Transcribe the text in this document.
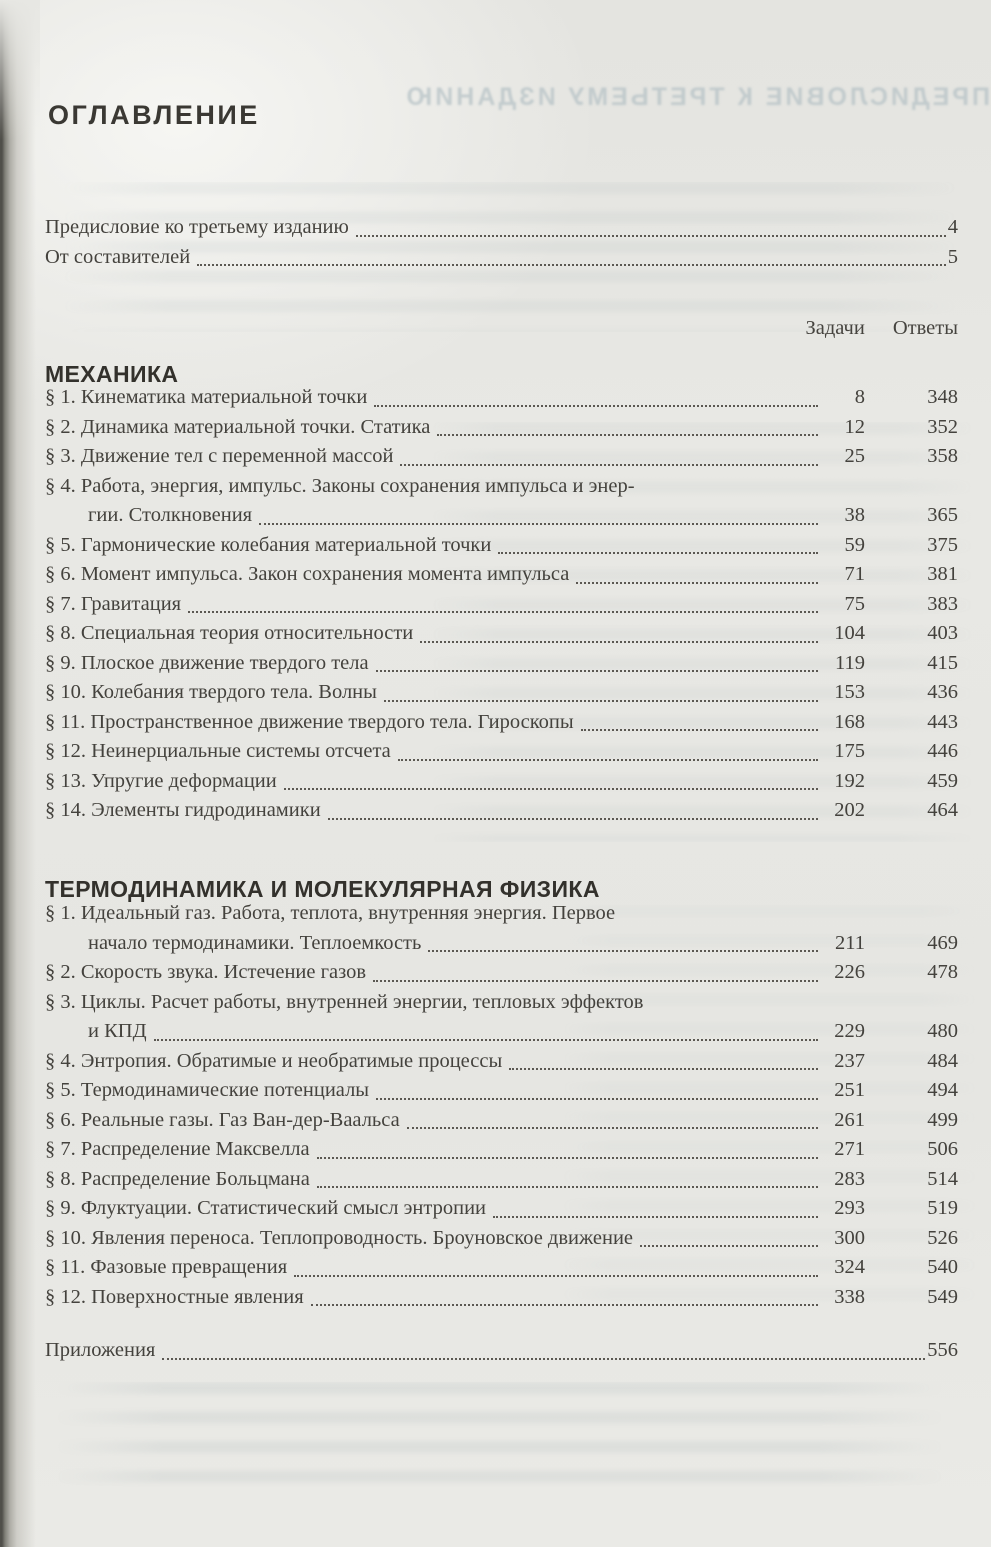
ПРЕДИСЛОВИЕ К ТРЕТЬЕМУ ИЗДАНИЮ
ОГЛАВЛЕНИЕ
Предисловие ко третьему изданию	4
От составителей	5
Задачи Ответы
МЕХАНИКА
§ 1. Кинематика материальной точки	8	348
§ 2. Динамика материальной точки. Статика	12	352
§ 3. Движение тел с переменной массой	25	358
§ 4. Работа, энергия, импульс. Законы сохранения импульса и энер-
гии. Столкновения	38	365
§ 5. Гармонические колебания материальной точки	59	375
§ 6. Момент импульса. Закон сохранения момента импульса	71	381
§ 7. Гравитация	75	383
§ 8. Специальная теория относительности	104	403
§ 9. Плоское движение твердого тела	119	415
§ 10. Колебания твердого тела. Волны	153	436
§ 11. Пространственное движение твердого тела. Гироскопы	168	443
§ 12. Неинерциальные системы отсчета	175	446
§ 13. Упругие деформации	192	459
§ 14. Элементы гидродинамики	202	464
ТЕРМОДИНАМИКА И МОЛЕКУЛЯРНАЯ ФИЗИКА
§ 1. Идеальный газ. Работа, теплота, внутренняя энергия. Первое
начало термодинамики. Теплоемкость	211	469
§ 2. Скорость звука. Истечение газов	226	478
§ 3. Циклы. Расчет работы, внутренней энергии, тепловых эффектов
и КПД	229	480
§ 4. Энтропия. Обратимые и необратимые процессы	237	484
§ 5. Термодинамические потенциалы	251	494
§ 6. Реальные газы. Газ Ван-дер-Ваальса	261	499
§ 7. Распределение Максвелла	271	506
§ 8. Распределение Больцмана	283	514
§ 9. Флуктуации. Статистический смысл энтропии	293	519
§ 10. Явления переноса. Теплопроводность. Броуновское движение	300	526
§ 11. Фазовые превращения	324	540
§ 12. Поверхностные явления	338	549
Приложения	556
